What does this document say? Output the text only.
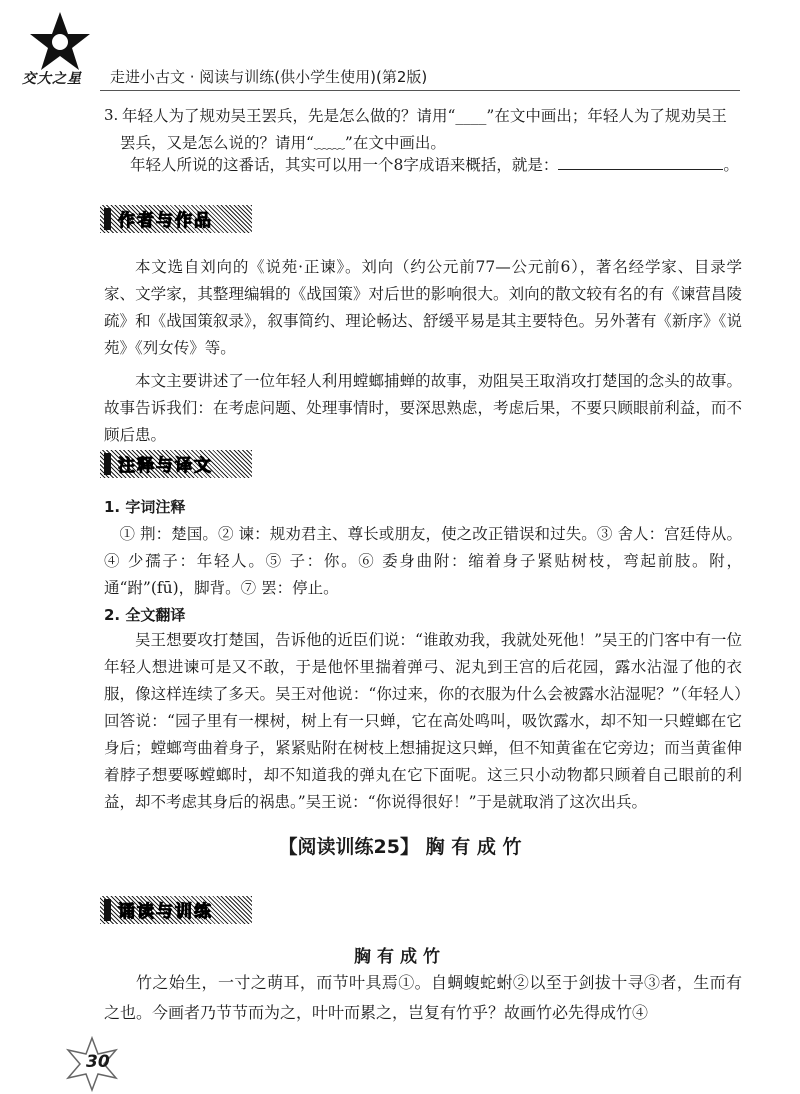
交大之星 走进小古文 · 阅读与训练(供小学生使用)(第2版)
3. 年轻人为了规劝吴王罢兵，先是怎么做的？请用“____”在文中画出；年轻人为了规劝吴王

罢兵，又是怎么说的？请用“﹏﹏”在文中画出。

年轻人所说的这番话，其实可以用一个8字成语来概括，就是：	。

作者与作品

本文选自刘向的《说苑·正谏》。刘向（约公元前77—公元前6），著名经学家、目录学家、文学家，其整理编辑的《战国策》对后世的影响很大。刘向的散文较有名的有《谏营昌陵疏》和《战国策叙录》，叙事简约、理论畅达、舒缓平易是其主要特色。另外著有《新序》《说苑》《列女传》等。

本文主要讲述了一位年轻人利用螳螂捕蝉的故事，劝阻吴王取消攻打楚国的念头的故事。故事告诉我们：在考虑问题、处理事情时，要深思熟虑，考虑后果，不要只顾眼前利益，而不顾后患。

注释与译文
1. 字词注释

① 荆：楚国。② 谏：规劝君主、尊长或朋友，使之改正错误和过失。③ 舍人：宫廷侍从。④ 少孺子：年轻人。⑤ 子：你。⑥ 委身曲附：缩着身子紧贴树枝，弯起前肢。附，通“跗”(fū)，脚背。⑦ 罢：停止。

2. 全文翻译

吴王想要攻打楚国，告诉他的近臣们说：“谁敢劝我，我就处死他！”吴王的门客中有一位年轻人想进谏可是又不敢，于是他怀里揣着弹弓、泥丸到王宫的后花园，露水沾湿了他的衣服，像这样连续了多天。吴王对他说：“你过来，你的衣服为什么会被露水沾湿呢？”（年轻人）回答说：“园子里有一棵树，树上有一只蝉，它在高处鸣叫，吸饮露水，却不知一只螳螂在它身后；螳螂弯曲着身子，紧紧贴附在树枝上想捕捉这只蝉，但不知黄雀在它旁边；而当黄雀伸着脖子想要啄螳螂时，却不知道我的弹丸在它下面呢。这三只小动物都只顾着自己眼前的利益，却不考虑其身后的祸患。”吴王说：“你说得很好！”于是就取消了这次出兵。

【阅读训练25】 胸 有 成 竹
诵读与训练
胸有成竹

竹之始生，一寸之萌耳，而节叶具焉①。自蜩蝮蛇蚹②以至于剑拔十寻③者，生而有之也。今画者乃节节而为之，叶叶而累之，岂复有竹乎？故画竹必先得成竹④

30
